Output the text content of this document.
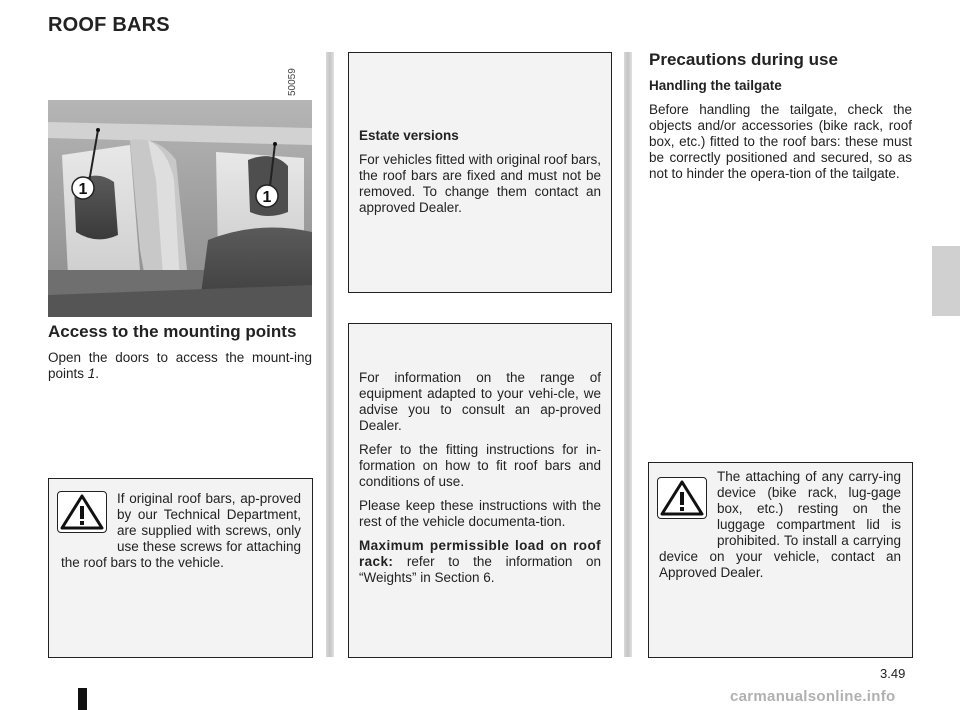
ROOF BARS
50059
1	1
Access to the mounting points

Open the doors to access the mount-ing points 1.

If original roof bars, ap-proved by our Technical Department, are supplied with screws, only use these screws for attaching the roof bars to the vehicle.

Estate versions

For vehicles fitted with original roof bars, the roof bars are fixed and must not be removed. To change them contact an approved Dealer.

For information on the range of equipment adapted to your vehi-cle, we advise you to consult an ap-proved Dealer.

Refer to the fitting instructions for in-formation on how to fit roof bars and conditions of use.

Please keep these instructions with the rest of the vehicle documenta-tion.

Maximum permissible load on roof rack: refer to the information on “Weights” in Section 6.

Precautions during use

Handling the tailgate

Before handling the tailgate, check the objects and/or accessories (bike rack, roof box, etc.) fitted to the roof bars: these must be correctly positioned and secured, so as not to hinder the opera-tion of the tailgate.

The attaching of any carry-ing device (bike rack, lug-gage box, etc.) resting on the luggage compartment lid is prohibited. To install a carrying device on your vehicle, contact an Approved Dealer.

3.49
carmanualsonline.info
